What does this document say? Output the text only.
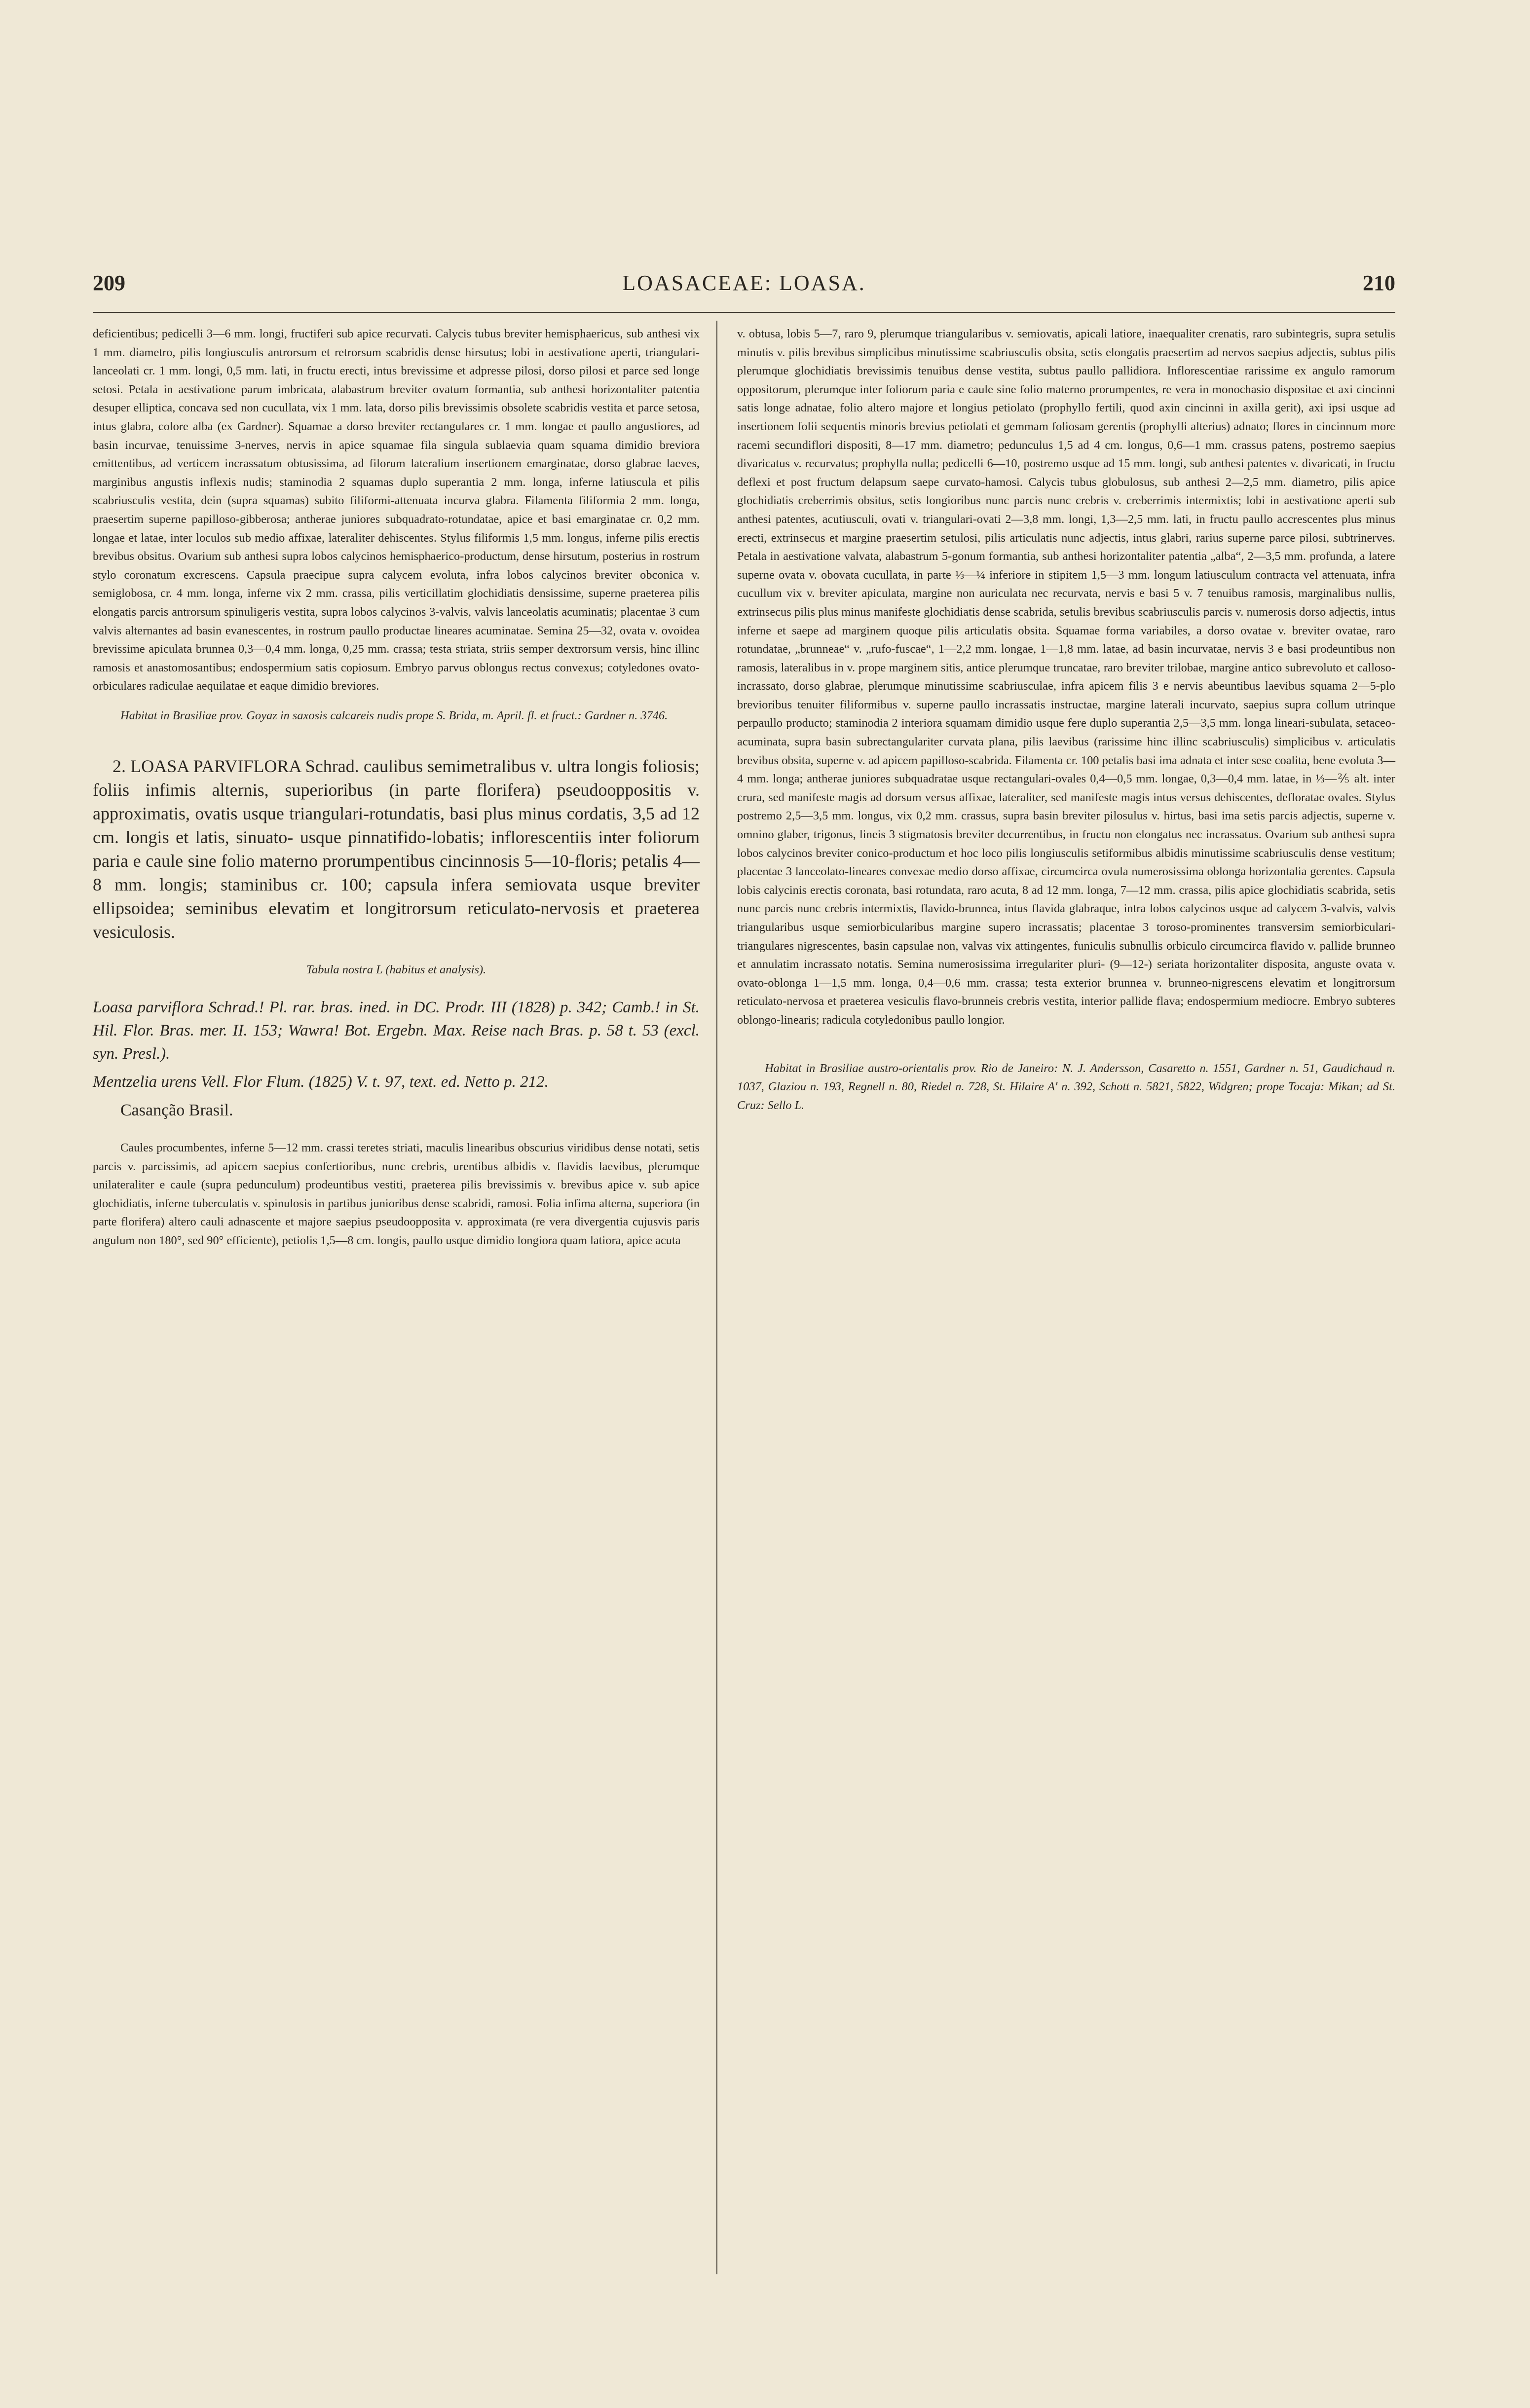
209	LOASACEAE: LOASA.	210

deficientibus; pedicelli 3—6 mm. longi, fructiferi sub apice recurvati. Calycis tubus breviter hemisphaericus, sub anthesi vix 1 mm. diametro, pilis longiusculis antrorsum et retrorsum scabridis dense hirsutus; lobi in aestivatione aperti, triangulari-lanceolati cr. 1 mm. longi, 0,5 mm. lati, in fructu erecti, intus brevissime et adpresse pilosi, dorso pilosi et parce sed longe setosi. Petala in aestivatione parum imbricata, alabastrum breviter ovatum formantia, sub anthesi horizontaliter patentia desuper elliptica, concava sed non cucullata, vix 1 mm. lata, dorso pilis brevissimis obsolete scabridis vestita et parce setosa, intus glabra, colore alba (ex Gardner). Squamae a dorso breviter rectangulares cr. 1 mm. longae et paullo angustiores, ad basin incurvae, tenuissime 3-nerves, nervis in apice squamae fila singula sublaevia quam squama dimidio breviora emittentibus, ad verticem incrassatum obtusissima, ad filorum lateralium insertionem emarginatae, dorso glabrae laeves, marginibus angustis inflexis nudis; staminodia 2 squamas duplo superantia 2 mm. longa, inferne latiuscula et pilis scabriusculis vestita, dein (supra squamas) subito filiformi-attenuata incurva glabra. Filamenta filiformia 2 mm. longa, praesertim superne papilloso-gibberosa; antherae juniores subquadrato-rotundatae, apice et basi emarginatae cr. 0,2 mm. longae et latae, inter loculos sub medio affixae, lateraliter dehiscentes. Stylus filiformis 1,5 mm. longus, inferne pilis erectis brevibus obsitus. Ovarium sub anthesi supra lobos calycinos hemisphaerico-productum, dense hirsutum, posterius in rostrum stylo coronatum excrescens. Capsula praecipue supra calycem evoluta, infra lobos calycinos breviter obconica v. semiglobosa, cr. 4 mm. longa, inferne vix 2 mm. crassa, pilis verticillatim glochidiatis densissime, superne praeterea pilis elongatis parcis antrorsum spinuligeris vestita, supra lobos calycinos 3-valvis, valvis lanceolatis acuminatis; placentae 3 cum valvis alternantes ad basin evanescentes, in rostrum paullo productae lineares acuminatae. Semina 25—32, ovata v. ovoidea brevissime apiculata brunnea 0,3—0,4 mm. longa, 0,25 mm. crassa; testa striata, striis semper dextrorsum versis, hinc illinc ramosis et anastomosantibus; endospermium satis copiosum. Embryo parvus oblongus rectus convexus; cotyledones ovato-orbiculares radiculae aequilatae et eaque dimidio breviores.

Habitat in Brasiliae prov. Goyaz in saxosis calcareis nudis prope S. Brida, m. April. fl. et fruct.: Gardner n. 3746.

2. LOASA PARVIFLORA Schrad. caulibus semimetralibus v. ultra longis foliosis; foliis infimis alternis, superioribus (in parte florifera) pseudooppositis v. approximatis, ovatis usque triangulari-rotundatis, basi plus minus cordatis, 3,5 ad 12 cm. longis et latis, sinuato- usque pinnatifido-lobatis; inflorescentiis inter foliorum paria e caule sine folio materno prorumpentibus cincinnosis 5—10-floris; petalis 4—8 mm. longis; staminibus cr. 100; capsula infera semiovata usque breviter ellipsoidea; seminibus elevatim et longitrorsum reticulato-nervosis et praeterea vesiculosis.

Tabula nostra L (habitus et analysis).

Loasa parviflora Schrad.! Pl. rar. bras. ined. in DC. Prodr. III (1828) p. 342; Camb.! in St. Hil. Flor. Bras. mer. II. 153; Wawra! Bot. Ergebn. Max. Reise nach Bras. p. 58 t. 53 (excl. syn. Presl.).

Mentzelia urens Vell. Flor Flum. (1825) V. t. 97, text. ed. Netto p. 212.

Casanção Brasil.

Caules procumbentes, inferne 5—12 mm. crassi teretes striati, maculis linearibus obscurius viridibus dense notati, setis parcis v. parcissimis, ad apicem saepius confertioribus, nunc crebris, urentibus albidis v. flavidis laevibus, plerumque unilateraliter e caule (supra pedunculum) prodeuntibus vestiti, praeterea pilis brevissimis v. brevibus apice v. sub apice glochidiatis, inferne tuberculatis v. spinulosis in partibus junioribus dense scabridi, ramosi. Folia infima alterna, superiora (in parte florifera) altero cauli adnascente et majore saepius pseudoopposita v. approximata (re vera divergentia cujusvis paris angulum non 180°, sed 90° efficiente), petiolis 1,5—8 cm. longis, paullo usque dimidio longiora quam latiora, apice acuta

v. obtusa, lobis 5—7, raro 9, plerumque triangularibus v. semiovatis, apicali latiore, inaequaliter crenatis, raro subintegris, supra setulis minutis v. pilis brevibus simplicibus minutissime scabriusculis obsita, setis elongatis praesertim ad nervos saepius adjectis, subtus pilis plerumque glochidiatis brevissimis tenuibus dense vestita, subtus paullo pallidiora. Inflorescentiae rarissime ex angulo ramorum oppositorum, plerumque inter foliorum paria e caule sine folio materno prorumpentes, re vera in monochasio dispositae et axi cincinni satis longe adnatae, folio altero majore et longius petiolato (prophyllo fertili, quod axin cincinni in axilla gerit), axi ipsi usque ad insertionem folii sequentis minoris brevius petiolati et gemmam foliosam gerentis (prophylli alterius) adnato; flores in cincinnum more racemi secundiflori dispositi, 8—17 mm. diametro; pedunculus 1,5 ad 4 cm. longus, 0,6—1 mm. crassus patens, postremo saepius divaricatus v. recurvatus; prophylla nulla; pedicelli 6—10, postremo usque ad 15 mm. longi, sub anthesi patentes v. divaricati, in fructu deflexi et post fructum delapsum saepe curvato-hamosi. Calycis tubus globulosus, sub anthesi 2—2,5 mm. diametro, pilis apice glochidiatis creberrimis obsitus, setis longioribus nunc parcis nunc crebris v. creberrimis intermixtis; lobi in aestivatione aperti sub anthesi patentes, acutiusculi, ovati v. triangulari-ovati 2—3,8 mm. longi, 1,3—2,5 mm. lati, in fructu paullo accrescentes plus minus erecti, extrinsecus et margine praesertim setulosi, pilis articulatis nunc adjectis, intus glabri, rarius superne parce pilosi, subtrinerves. Petala in aestivatione valvata, alabastrum 5-gonum formantia, sub anthesi horizontaliter patentia „alba“, 2—3,5 mm. profunda, a latere superne ovata v. obovata cucullata, in parte ⅓—¼ inferiore in stipitem 1,5—3 mm. longum latiusculum contracta vel attenuata, infra cucullum vix v. breviter apiculata, margine non auriculata nec recurvata, nervis e basi 5 v. 7 tenuibus ramosis, marginalibus nullis, extrinsecus pilis plus minus manifeste glochidiatis dense scabrida, setulis brevibus scabriusculis parcis v. numerosis dorso adjectis, intus inferne et saepe ad marginem quoque pilis articulatis obsita. Squamae forma variabiles, a dorso ovatae v. breviter ovatae, raro rotundatae, „brunneae“ v. „rufo-fuscae“, 1—2,2 mm. longae, 1—1,8 mm. latae, ad basin incurvatae, nervis 3 e basi prodeuntibus non ramosis, lateralibus in v. prope marginem sitis, antice plerumque truncatae, raro breviter trilobae, margine antico subrevoluto et calloso-incrassato, dorso glabrae, plerumque minutissime scabriusculae, infra apicem filis 3 e nervis abeuntibus laevibus squama 2—5-plo brevioribus tenuiter filiformibus v. superne paullo incrassatis instructae, margine laterali incurvato, saepius supra collum utrinque perpaullo producto; staminodia 2 interiora squamam dimidio usque fere duplo superantia 2,5—3,5 mm. longa lineari-subulata, setaceo-acuminata, supra basin subrectangulariter curvata plana, pilis laevibus (rarissime hinc illinc scabriusculis) simplicibus v. articulatis brevibus obsita, superne v. ad apicem papilloso-scabrida. Filamenta cr. 100 petalis basi ima adnata et inter sese coalita, bene evoluta 3—4 mm. longa; antherae juniores subquadratae usque rectangulari-ovales 0,4—0,5 mm. longae, 0,3—0,4 mm. latae, in ⅓—⅖ alt. inter crura, sed manifeste magis ad dorsum versus affixae, lateraliter, sed manifeste magis intus versus dehiscentes, defloratae ovales. Stylus postremo 2,5—3,5 mm. longus, vix 0,2 mm. crassus, supra basin breviter pilosulus v. hirtus, basi ima setis parcis adjectis, superne v. omnino glaber, trigonus, lineis 3 stigmatosis breviter decurrentibus, in fructu non elongatus nec incrassatus. Ovarium sub anthesi supra lobos calycinos breviter conico-productum et hoc loco pilis longiusculis setiformibus albidis minutissime scabriusculis dense vestitum; placentae 3 lanceolato-lineares convexae medio dorso affixae, circumcirca ovula numerosissima oblonga horizontalia gerentes. Capsula lobis calycinis erectis coronata, basi rotundata, raro acuta, 8 ad 12 mm. longa, 7—12 mm. crassa, pilis apice glochidiatis scabrida, setis nunc parcis nunc crebris intermixtis, flavido-brunnea, intus flavida glabraque, intra lobos calycinos usque ad calycem 3-valvis, valvis triangularibus usque semiorbicularibus margine supero incrassatis; placentae 3 toroso-prominentes transversim semiorbiculari-triangulares nigrescentes, basin capsulae non, valvas vix attingentes, funiculis subnullis orbiculo circumcirca flavido v. pallide brunneo et annulatim incrassato notatis. Semina numerosissima irregulariter pluri- (9—12-) seriata horizontaliter disposita, anguste ovata v. ovato-oblonga 1—1,5 mm. longa, 0,4—0,6 mm. crassa; testa exterior brunnea v. brunneo-nigrescens elevatim et longitrorsum reticulato-nervosa et praeterea vesiculis flavo-brunneis crebris vestita, interior pallide flava; endospermium mediocre. Embryo subteres oblongo-linearis; radicula cotyledonibus paullo longior.

Habitat in Brasiliae austro-orientalis prov. Rio de Janeiro: N. J. Andersson, Casaretto n. 1551, Gardner n. 51, Gaudichaud n. 1037, Glaziou n. 193, Regnell n. 80, Riedel n. 728, St. Hilaire A' n. 392, Schott n. 5821, 5822, Widgren; prope Tocaja: Mikan; ad St. Cruz: Sello L.
